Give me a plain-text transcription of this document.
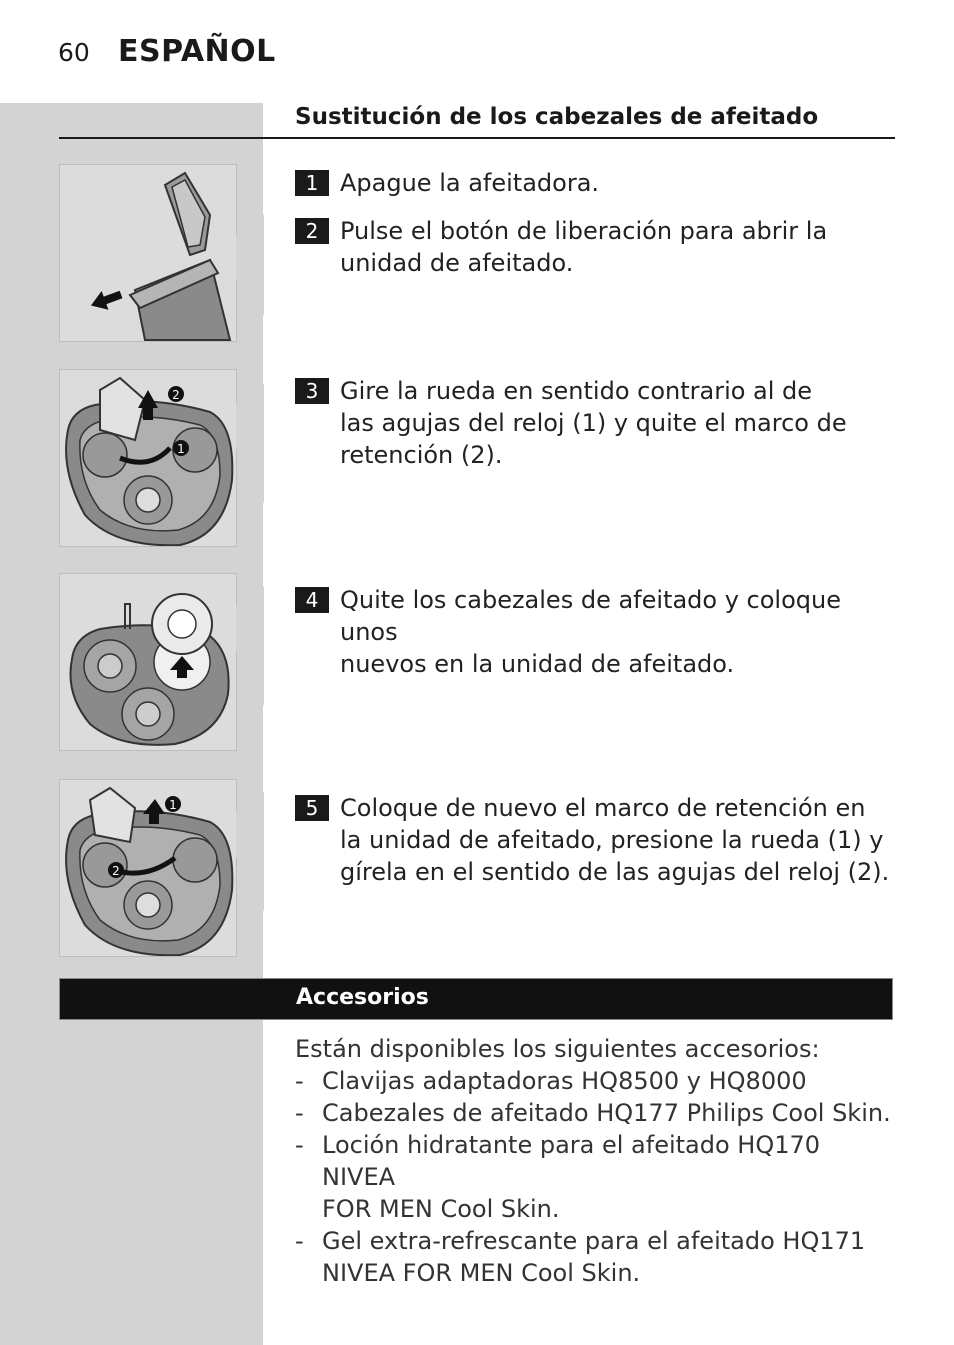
60 ESPAÑOL
Sustitución de los cabezales de afeitado
2
1
1
2
1 Apague la afeitadora.
2 Pulse el botón de liberación para abrir la
unidad de afeitado.
3 Gire la rueda en sentido contrario al de
las agujas del reloj (1) y quite el marco de
retención (2).
4 Quite los cabezales de afeitado y coloque unos
nuevos en la unidad de afeitado.
5 Coloque de nuevo el marco de retención en
la unidad de afeitado, presione la rueda (1) y
gírela en el sentido de las agujas del reloj (2).
Accesorios
Están disponibles los siguientes accesorios:
- Clavijas adaptadoras HQ8500 y HQ8000
- Cabezales de afeitado HQ177 Philips Cool Skin.
- Loción hidratante para el afeitado HQ170 NIVEA
FOR MEN Cool Skin.
- Gel extra-refrescante para el afeitado HQ171
NIVEA FOR MEN Cool Skin.
